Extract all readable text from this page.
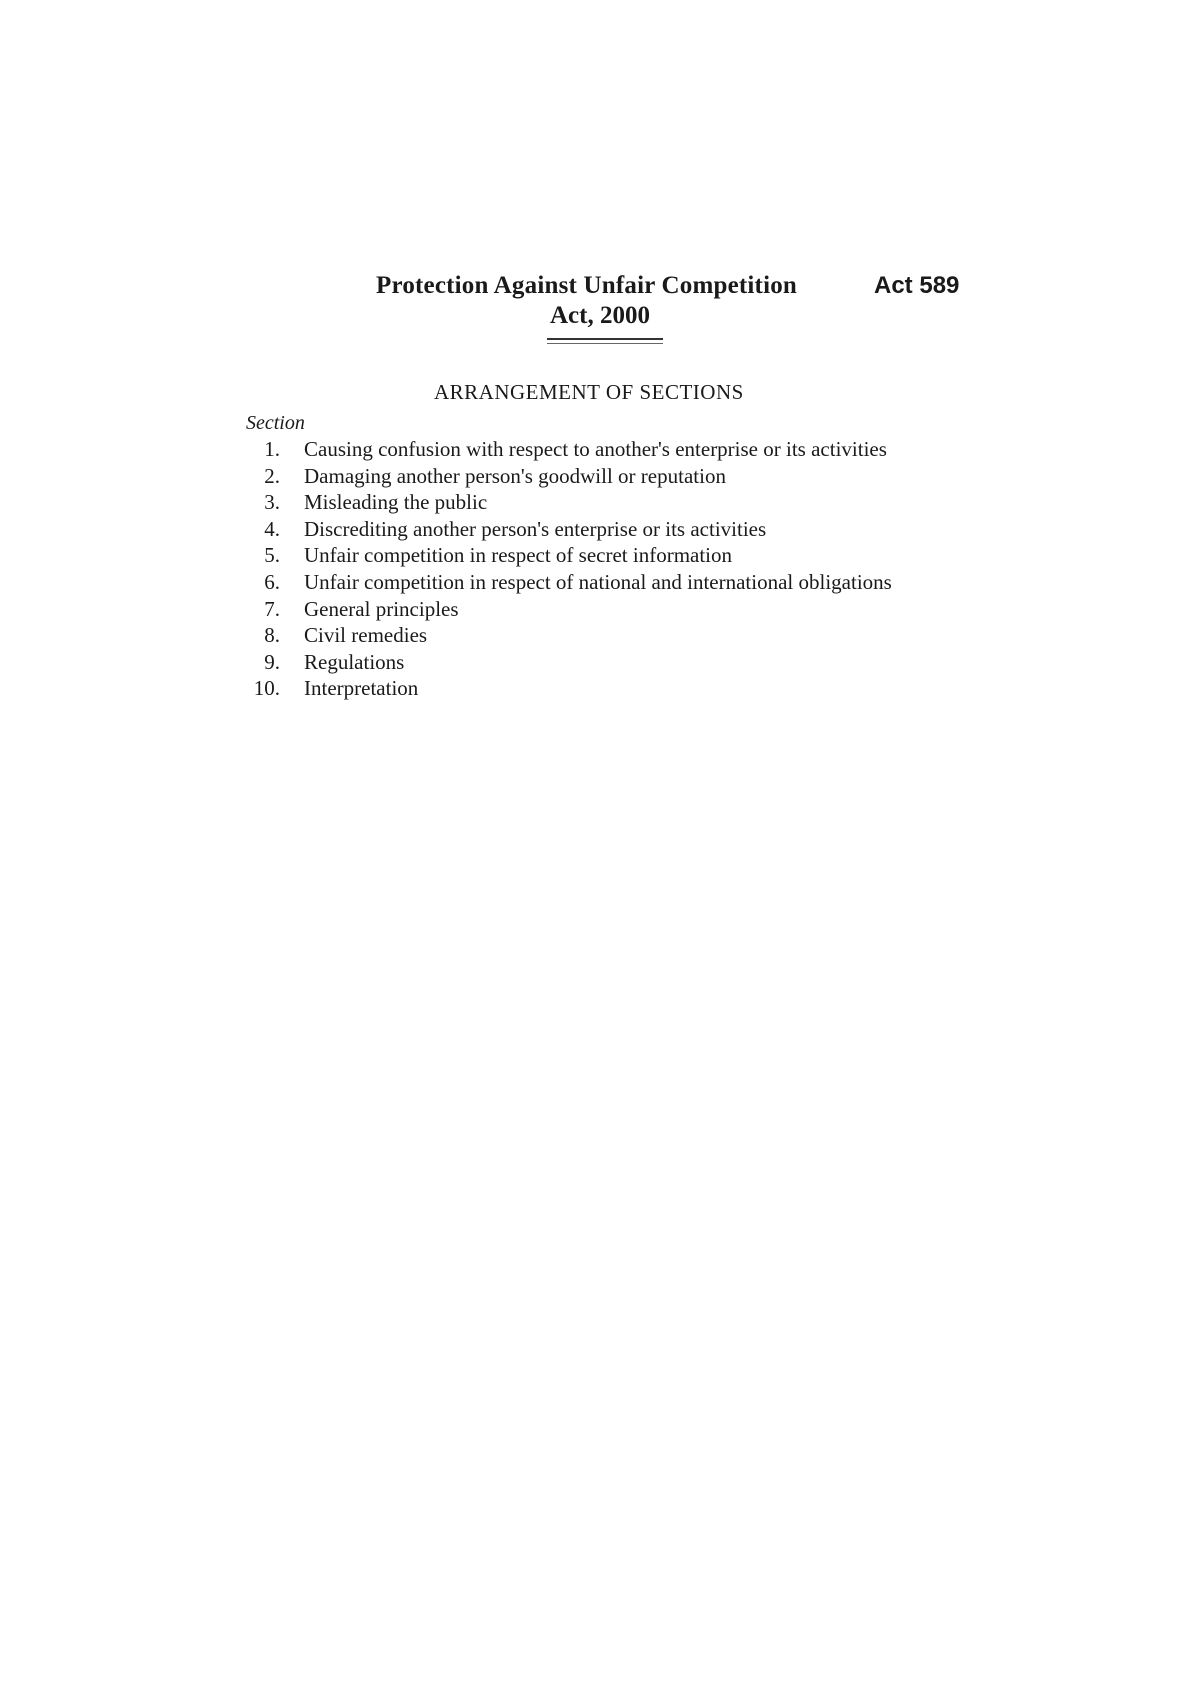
Protection Against Unfair Competition	Act 589
Act, 2000
ARRANGEMENT OF SECTIONS
Section
1. Causing confusion with respect to another's enterprise or its activities
2. Damaging another person's goodwill or reputation
3. Misleading the public
4. Discrediting another person's enterprise or its activities
5. Unfair competition in respect of secret information
6. Unfair competition in respect of national and international obligations
7. General principles
8. Civil remedies
9. Regulations
10. Interpretation
